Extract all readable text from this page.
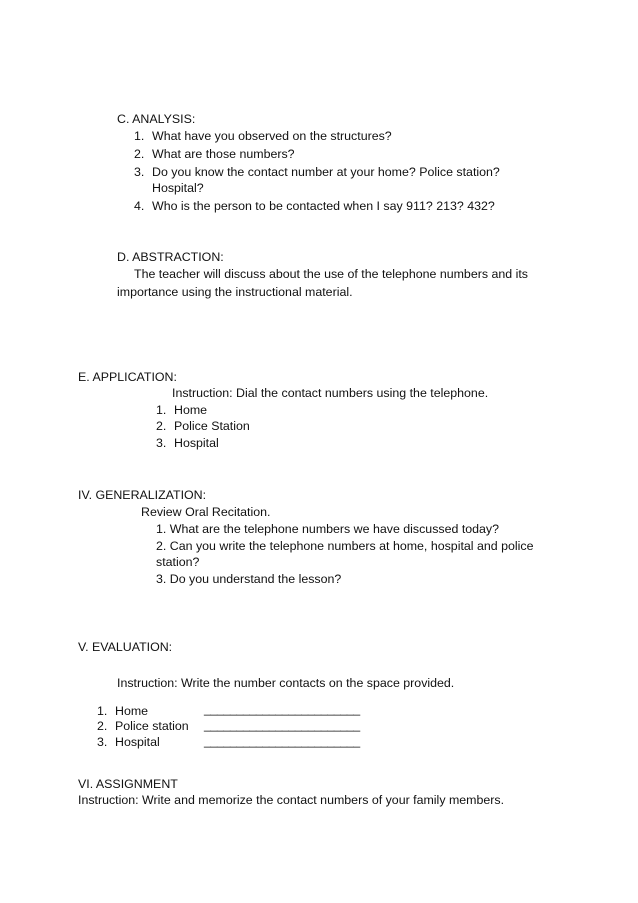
C. ANALYSIS:
1. What have you observed on the structures?
2. What are those numbers?
3. Do you know the contact number at your home? Police station?
Hospital?
4. Who is the person to be contacted when I say 911? 213? 432?
D. ABSTRACTION:
The teacher will discuss about the use of the telephone numbers and its
importance using the instructional material.
E. APPLICATION:
Instruction: Dial the contact numbers using the telephone.
1. Home
2. Police Station
3. Hospital
IV. GENERALIZATION:
Review Oral Recitation.
1. What are the telephone numbers we have discussed today?
2. Can you write the telephone numbers at home, hospital and police
station?
3. Do you understand the lesson?
V. EVALUATION:
Instruction: Write the number contacts on the space provided.
1. Home	________________________
2. Police station ________________________
3. Hospital	________________________
VI. ASSIGNMENT
Instruction: Write and memorize the contact numbers of your family members.
